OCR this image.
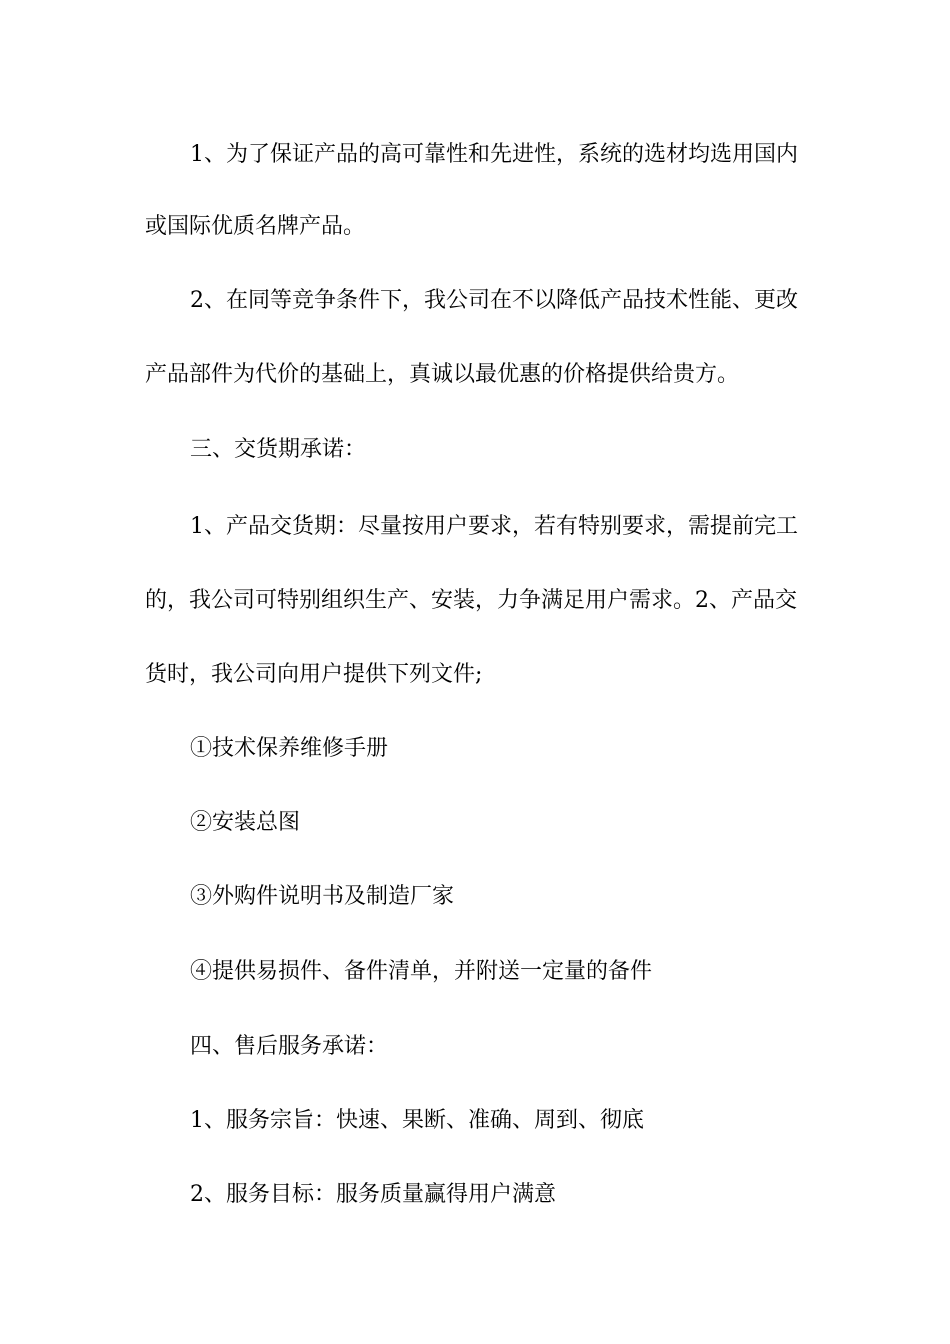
1、为了保证产品的高可靠性和先进性，系统的选材均选用国内
或国际优质名牌产品。
2、在同等竞争条件下，我公司在不以降低产品技术性能、更改
产品部件为代价的基础上，真诚以最优惠的价格提供给贵方。
三、交货期承诺：
1、产品交货期：尽量按用户要求，若有特别要求，需提前完工
的，我公司可特别组织生产、安装，力争满足用户需求。2、产品交
货时，我公司向用户提供下列文件;
①技术保养维修手册
②安装总图
③外购件说明书及制造厂家
④提供易损件、备件清单，并附送一定量的备件
四、售后服务承诺：
1、服务宗旨：快速、果断、准确、周到、彻底
2、服务目标：服务质量赢得用户满意
